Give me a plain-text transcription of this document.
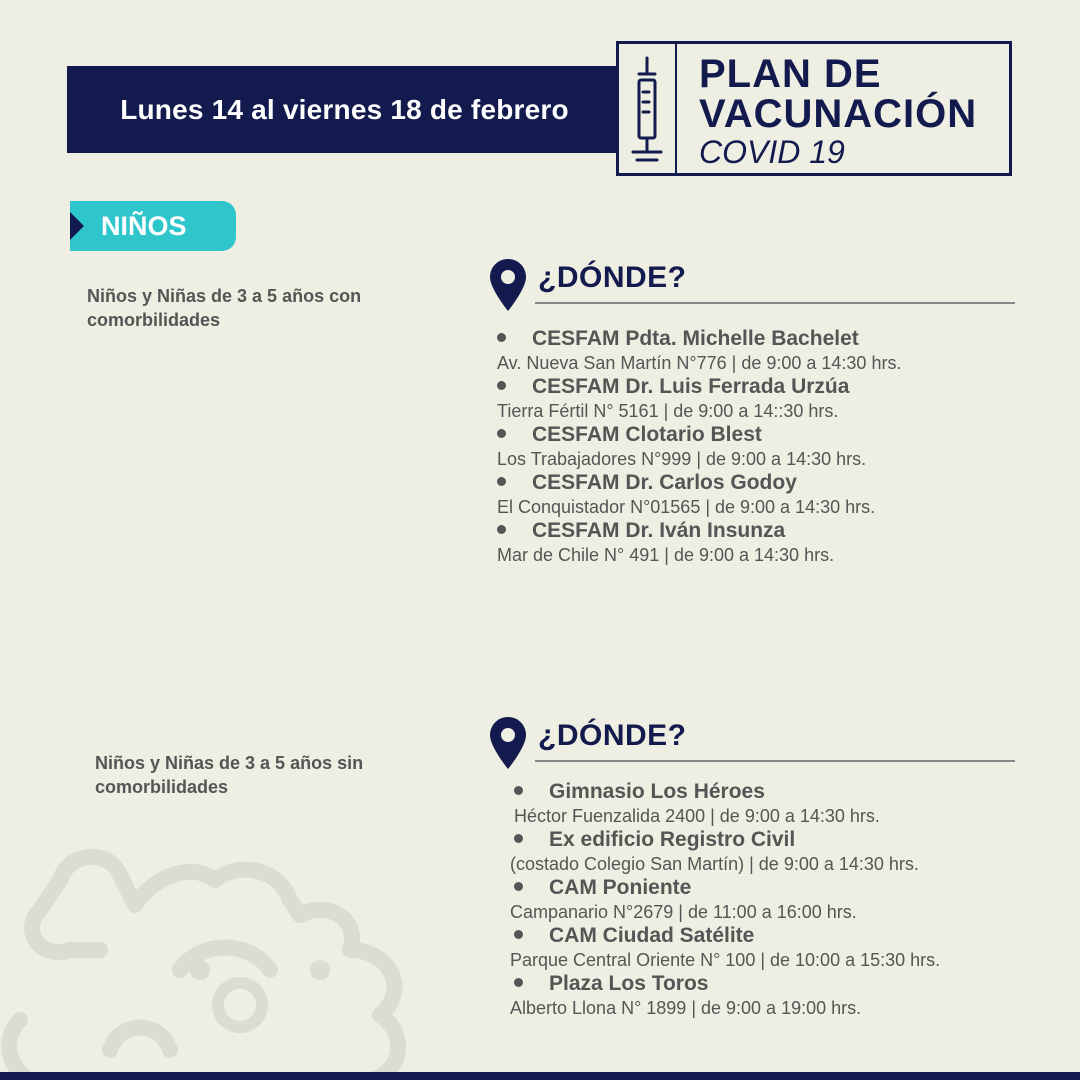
Lunes 14 al viernes 18 de febrero
PLAN DE
VACUNACIÓN
COVID 19
NIÑOS
Niños y Niñas de 3 a 5 años con comorbilidades
¿DÓNDE?
CESFAM Pdta. Michelle Bachelet
Av. Nueva San Martín N°776 | de 9:00 a 14:30 hrs.
CESFAM Dr. Luis Ferrada Urzúa
Tierra Fértil N° 5161 | de 9:00 a 14::30 hrs.
CESFAM Clotario Blest
Los Trabajadores N°999 | de 9:00 a 14:30 hrs.
CESFAM Dr. Carlos Godoy
El Conquistador N°01565 | de 9:00 a 14:30 hrs.
CESFAM Dr. Iván Insunza
Mar de Chile N° 491 | de 9:00 a 14:30 hrs.
Niños y Niñas de 3 a 5 años sin comorbilidades
¿DÓNDE?
Gimnasio Los Héroes
Héctor Fuenzalida 2400 | de 9:00 a 14:30 hrs.
Ex edificio Registro Civil
(costado Colegio San Martín) | de 9:00 a 14:30 hrs.
CAM Poniente
Campanario N°2679 | de 11:00 a 16:00 hrs.
CAM Ciudad Satélite
Parque Central Oriente N° 100 | de 10:00 a 15:30 hrs.
Plaza Los Toros
Alberto Llona N° 1899 | de 9:00 a 19:00 hrs.
